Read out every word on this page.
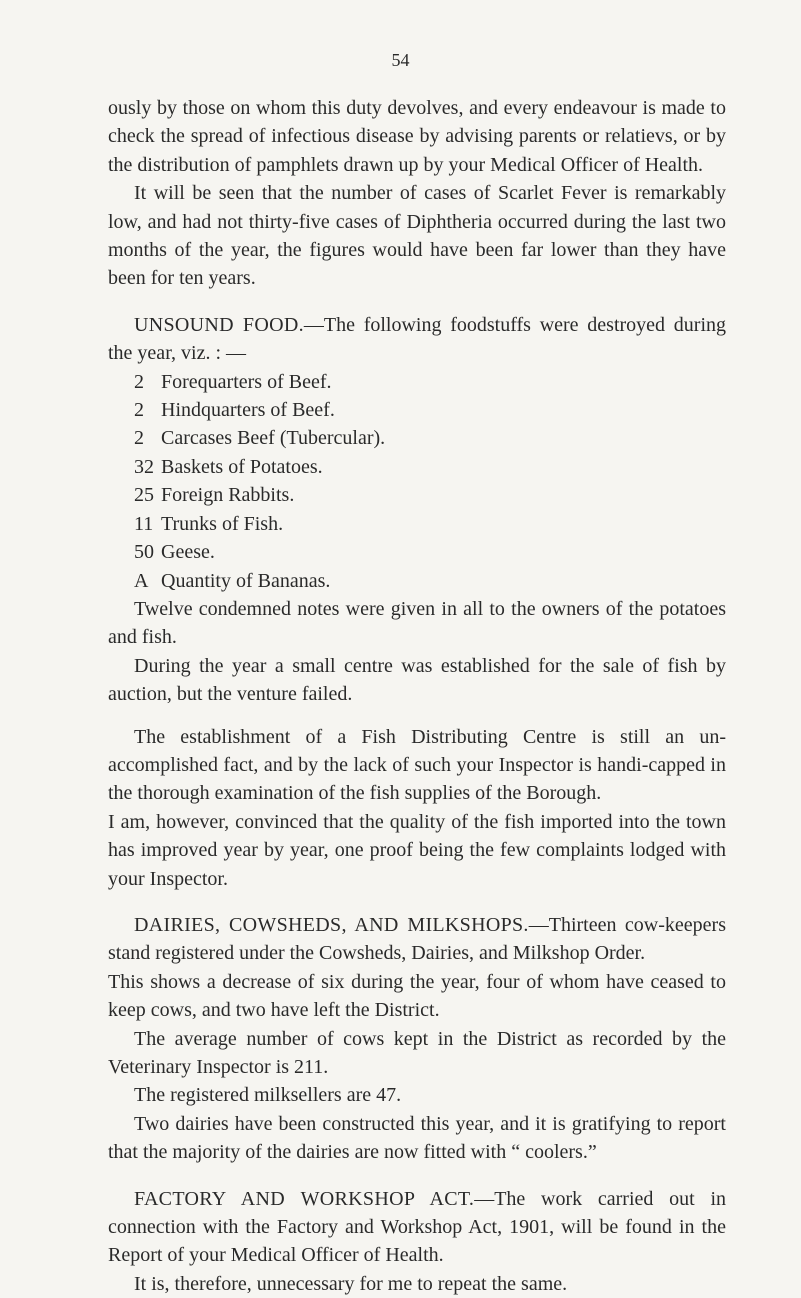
54

ously by those on whom this duty devolves, and every endeavour is made to check the spread of infectious disease by advising parents or relatievs, or by the distribution of pamphlets drawn up by your Medical Officer of Health.

It will be seen that the number of cases of Scarlet Fever is remarkably low, and had not thirty-five cases of Diphtheria occurred during the last two months of the year, the figures would have been far lower than they have been for ten years.

UNSOUND FOOD.—The following foodstuffs were destroyed during the year, viz. : —

2 Forequarters of Beef.
2 Hindquarters of Beef.
2 Carcases Beef (Tubercular).
32 Baskets of Potatoes.
25 Foreign Rabbits.
11 Trunks of Fish.
50 Geese.
A Quantity of Bananas.

Twelve condemned notes were given in all to the owners of the potatoes and fish.

During the year a small centre was established for the sale of fish by auction, but the venture failed.

The establishment of a Fish Distributing Centre is still an un-accomplished fact, and by the lack of such your Inspector is handi-capped in the thorough examination of the fish supplies of the Borough.

I am, however, convinced that the quality of the fish imported into the town has improved year by year, one proof being the few complaints lodged with your Inspector.

DAIRIES, COWSHEDS, AND MILKSHOPS.—Thirteen cow-keepers stand registered under the Cowsheds, Dairies, and Milkshop Order.

This shows a decrease of six during the year, four of whom have ceased to keep cows, and two have left the District.

The average number of cows kept in the District as recorded by the Veterinary Inspector is 211.

The registered milksellers are 47.

Two dairies have been constructed this year, and it is gratifying to report that the majority of the dairies are now fitted with “ coolers.”

FACTORY AND WORKSHOP ACT.—The work carried out in connection with the Factory and Workshop Act, 1901, will be found in the Report of your Medical Officer of Health.

It is, therefore, unnecessary for me to repeat the same.
